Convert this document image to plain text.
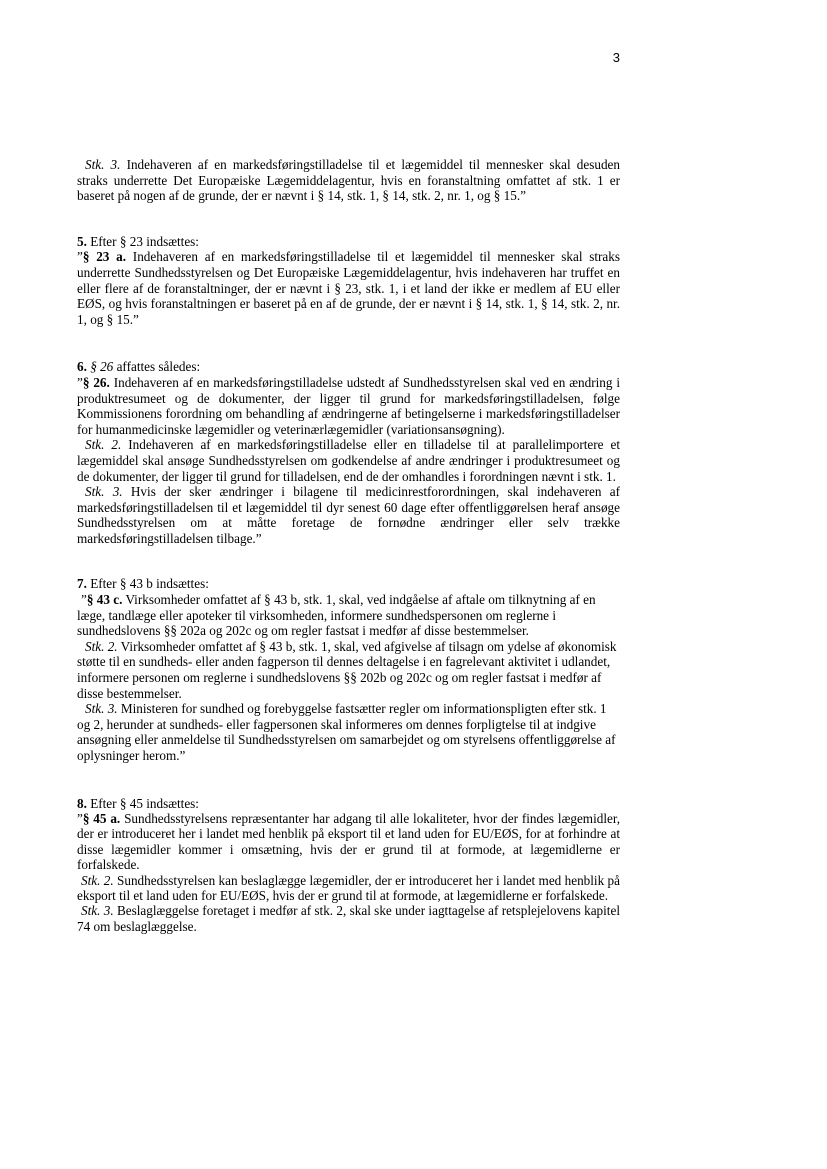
3

Stk. 3. Indehaveren af en markedsføringstilladelse til et lægemiddel til mennesker skal desuden straks underrette Det Europæiske Lægemiddelagentur, hvis en foranstaltning omfattet af stk. 1 er baseret på nogen af de grunde, der er nævnt i § 14, stk. 1, § 14, stk. 2, nr. 1, og § 15.”

5. Efter § 23 indsættes:

”§ 23 a. Indehaveren af en markedsføringstilladelse til et lægemiddel til mennesker skal straks underrette Sundhedsstyrelsen og Det Europæiske Lægemiddelagentur, hvis indehaveren har truffet en eller flere af de foranstaltninger, der er nævnt i § 23, stk. 1, i et land der ikke er medlem af EU eller EØS, og hvis foranstaltningen er baseret på en af de grunde, der er nævnt i § 14, stk. 1, § 14, stk. 2, nr. 1, og § 15.”

6. § 26 affattes således:

”§ 26. Indehaveren af en markedsføringstilladelse udstedt af Sundhedsstyrelsen skal ved en ændring i produktresumeet og de dokumenter, der ligger til grund for markedsføringstilladelsen, følge Kommissionens forordning om behandling af ændringerne af betingelserne i markedsføringstilladelser for humanmedicinske lægemidler og veterinærlægemidler (variationsansøgning).

Stk. 2. Indehaveren af en markedsføringstilladelse eller en tilladelse til at parallelimportere et lægemiddel skal ansøge Sundhedsstyrelsen om godkendelse af andre ændringer i produktresumeet og de dokumenter, der ligger til grund for tilladelsen, end de der omhandles i forordningen nævnt i stk. 1.

Stk. 3. Hvis der sker ændringer i bilagene til medicinrestforordningen, skal indehaveren af markedsføringstilladelsen til et lægemiddel til dyr senest 60 dage efter offentliggørelsen heraf ansøge Sundhedsstyrelsen om at måtte foretage de fornødne ændringer eller selv trække markedsføringstilladelsen tilbage.”

7. Efter § 43 b indsættes:

”§ 43 c. Virksomheder omfattet af § 43 b, stk. 1, skal, ved indgåelse af aftale om tilknytning af en læge, tandlæge eller apoteker til virksomheden, informere sundhedspersonen om reglerne i sundhedslovens §§ 202a og 202c og om regler fastsat i medfør af disse bestemmelser.

Stk. 2. Virksomheder omfattet af § 43 b, stk. 1, skal, ved afgivelse af tilsagn om ydelse af økonomisk støtte til en sundheds- eller anden fagperson til dennes deltagelse i en fagrelevant aktivitet i udlandet, informere personen om reglerne i sundhedslovens §§ 202b og 202c og om regler fastsat i medfør af disse bestemmelser.

Stk. 3. Ministeren for sundhed og forebyggelse fastsætter regler om informationspligten efter stk. 1 og 2, herunder at sundheds- eller fagpersonen skal informeres om dennes forpligtelse til at indgive ansøgning eller anmeldelse til Sundhedsstyrelsen om samarbejdet og om styrelsens offentliggørelse af oplysninger herom.”

8. Efter § 45 indsættes:

”§ 45 a. Sundhedsstyrelsens repræsentanter har adgang til alle lokaliteter, hvor der findes lægemidler, der er introduceret her i landet med henblik på eksport til et land uden for EU/EØS, for at forhindre at disse lægemidler kommer i omsætning, hvis der er grund til at formode, at lægemidlerne er forfalskede.

Stk. 2. Sundhedsstyrelsen kan beslaglægge lægemidler, der er introduceret her i landet med henblik på eksport til et land uden for EU/EØS, hvis der er grund til at formode, at lægemidlerne er forfalskede.

Stk. 3. Beslaglæggelse foretaget i medfør af stk. 2, skal ske under iagttagelse af retsplejelovens kapitel 74 om beslaglæggelse.
